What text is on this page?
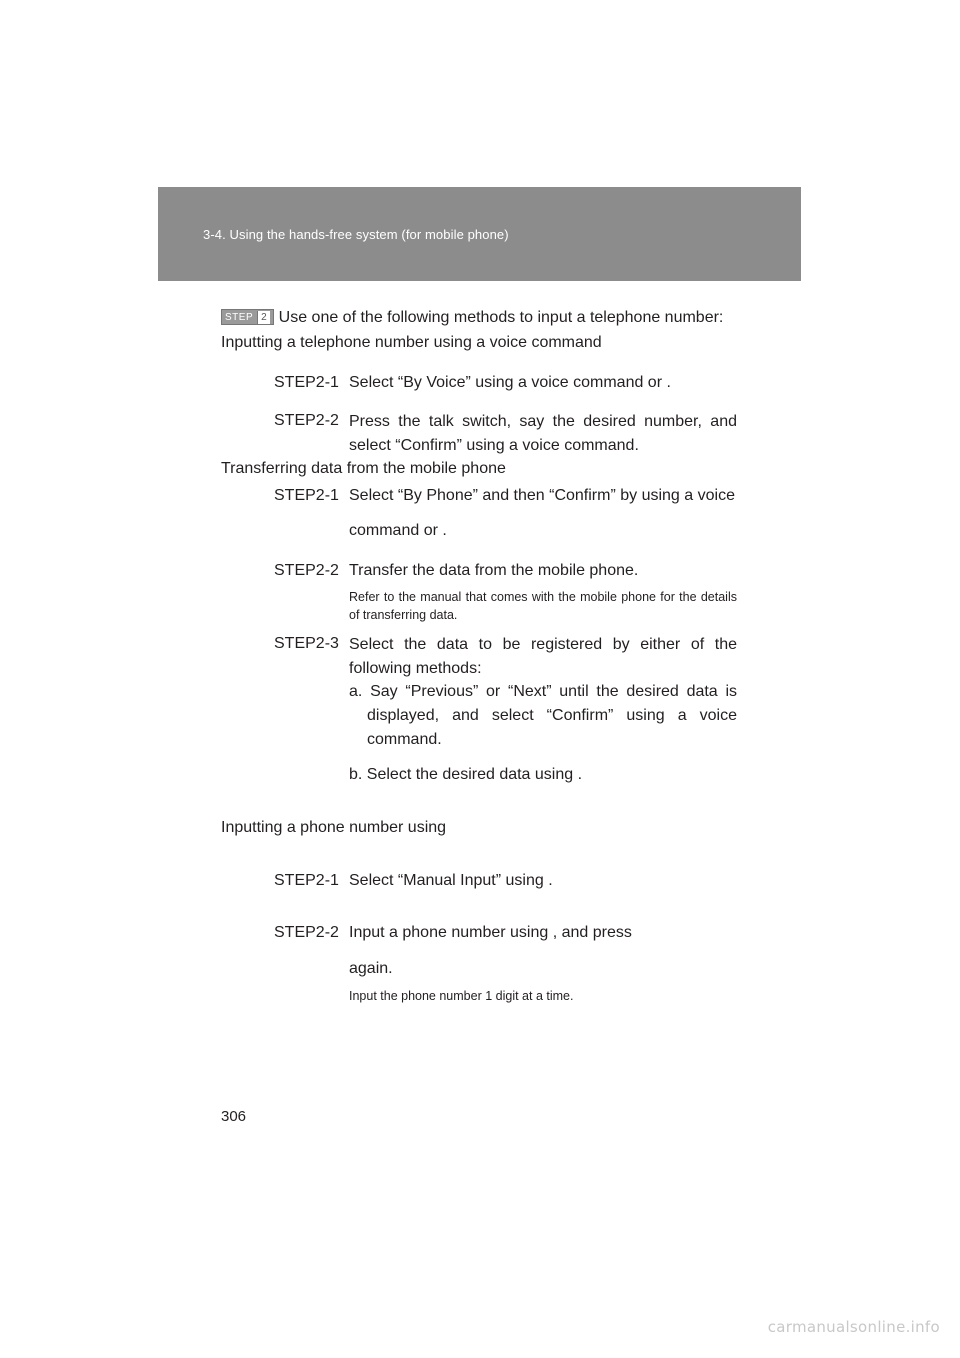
3-4. Using the hands-free system (for mobile phone)
STEP 2 Use one of the following methods to input a telephone number:
Inputting a telephone number using a voice command
STEP2-1 Select “By Voice” using a voice command or .
STEP2-2 Press the talk switch, say the desired number, and select “Confirm” using a voice command.
Transferring data from the mobile phone
STEP2-1 Select “By Phone” and then “Confirm” by using a voice
command or .
STEP2-2 Transfer the data from the mobile phone.
Refer to the manual that comes with the mobile phone for the details of transferring data.
STEP2-3 Select the data to be registered by either of the following methods:
a. Say “Previous” or “Next” until the desired data is displayed, and select “Confirm” using a voice command.
b. Select the desired data using .
Inputting a phone number using
STEP2-1 Select “Manual Input” using .
STEP2-2 Input a phone number using , and press
again.
Input the phone number 1 digit at a time.
306
carmanualsonline.info
